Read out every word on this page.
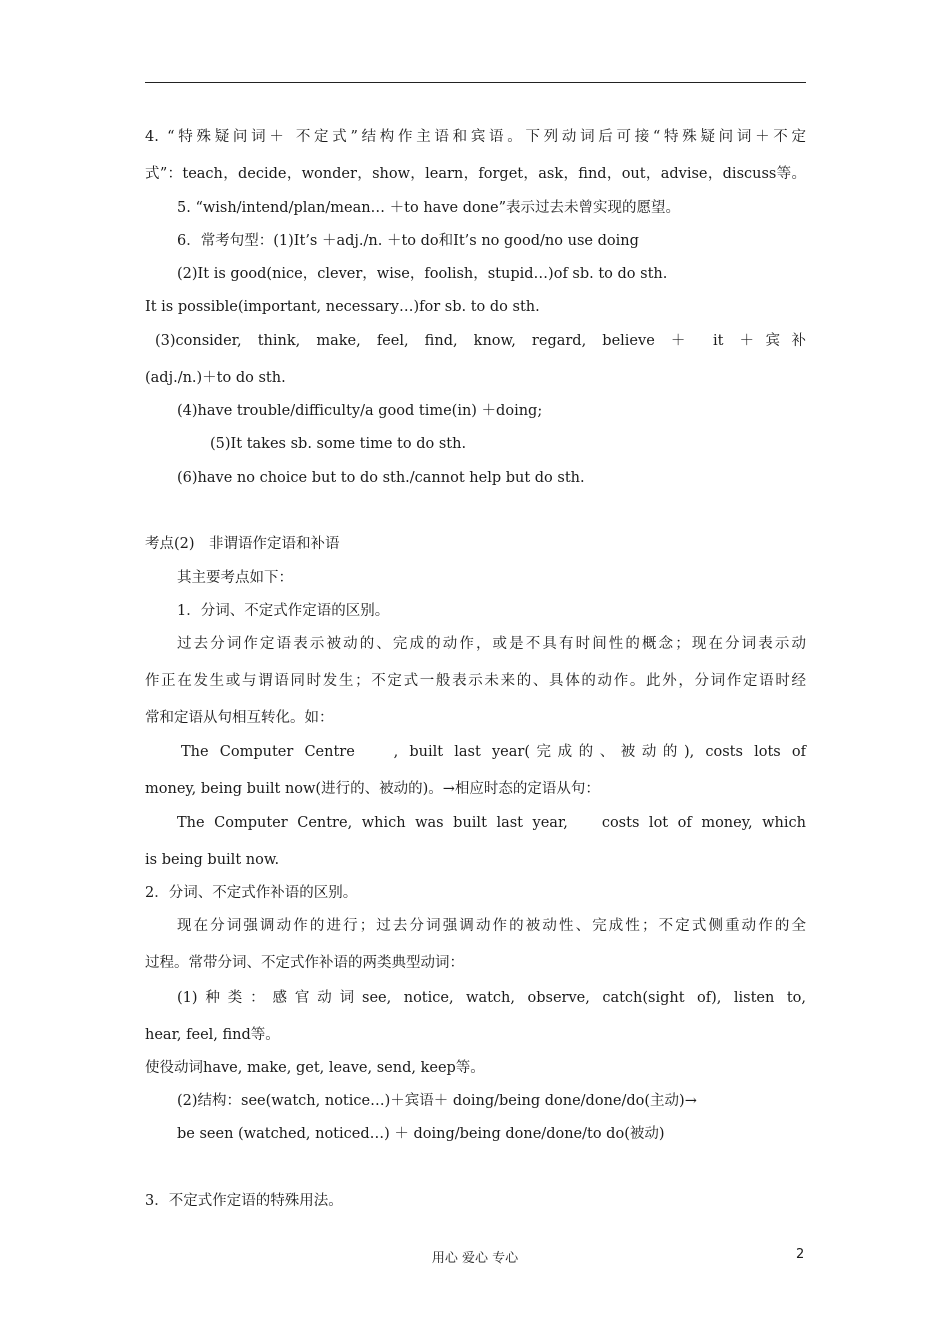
4. “特殊疑问词＋ 不定式”结构作主语和宾语。下列动词后可接“特殊疑问词＋不定
式”：teach，decide，wonder，show，learn，forget，ask，find，out，advise，discuss等。
5. “wish/intend/plan/mean… ＋to have done”表示过去未曾实现的愿望。
6．常考句型：(1)It’s ＋adj./n. ＋to do和It’s no good/no use doing
(2)It is good(nice，clever，wise，foolish，stupid…)of sb. to do sth.
It is possible(important, necessary…)for sb. to do sth.
(3)consider, think, make, feel, find, know, regard, believe ＋ it ＋宾补
(adj./n.)＋to do sth.
(4)have trouble/difficulty/a good time(in) ＋doing;
(5)It takes sb. some time to do sth.
(6)have no choice but to do sth./cannot help but do sth.
考点(2)　非谓语作定语和补语
其主要考点如下：
1．分词、不定式作定语的区别。
过去分词作定语表示被动的、完成的动作，或是不具有时间性的概念；现在分词表示动
作正在发生或与谓语同时发生；不定式一般表示未来的、具体的动作。此外，分词作定语时经
常和定语从句相互转化。如：
The Computer Centre　 , built last year(完成的、被动的), costs lots of
money, being built now(进行的、被动的)。→相应时态的定语从句：
The Computer Centre, which was built last year,　 costs lot of money, which
is being built now.
2．分词、不定式作补语的区别。
现在分词强调动作的进行；过去分词强调动作的被动性、完成性；不定式侧重动作的全
过程。常带分词、不定式作补语的两类典型动词：
(1)种类：感官动词see, notice, watch, observe, catch(sight of), listen to,
hear, feel, find等。
使役动词have, make, get, leave, send, keep等。
(2)结构：see(watch, notice…)＋宾语＋ doing/being done/done/do(主动)→
be seen (watched, noticed…) ＋ doing/being done/done/to do(被动)
3．不定式作定语的特殊用法。
用心 爱心 专心	2
